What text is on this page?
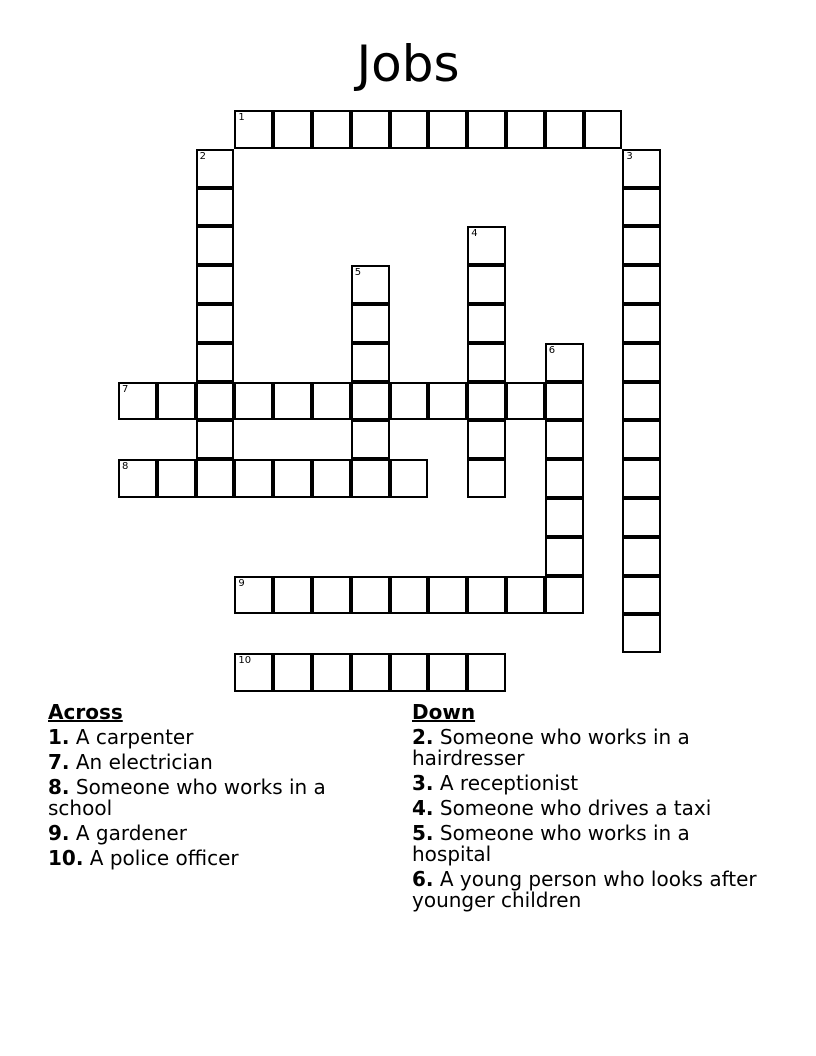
Jobs
1
2	3
4
5
6
7
8
9
10
Across
1. A carpenter
7. An electrician
8. Someone who works in a school
9. A gardener
10. A police officer
Down
2. Someone who works in a hairdresser
3. A receptionist
4. Someone who drives a taxi
5. Someone who works in a hospital
6. A young person who looks after younger children
